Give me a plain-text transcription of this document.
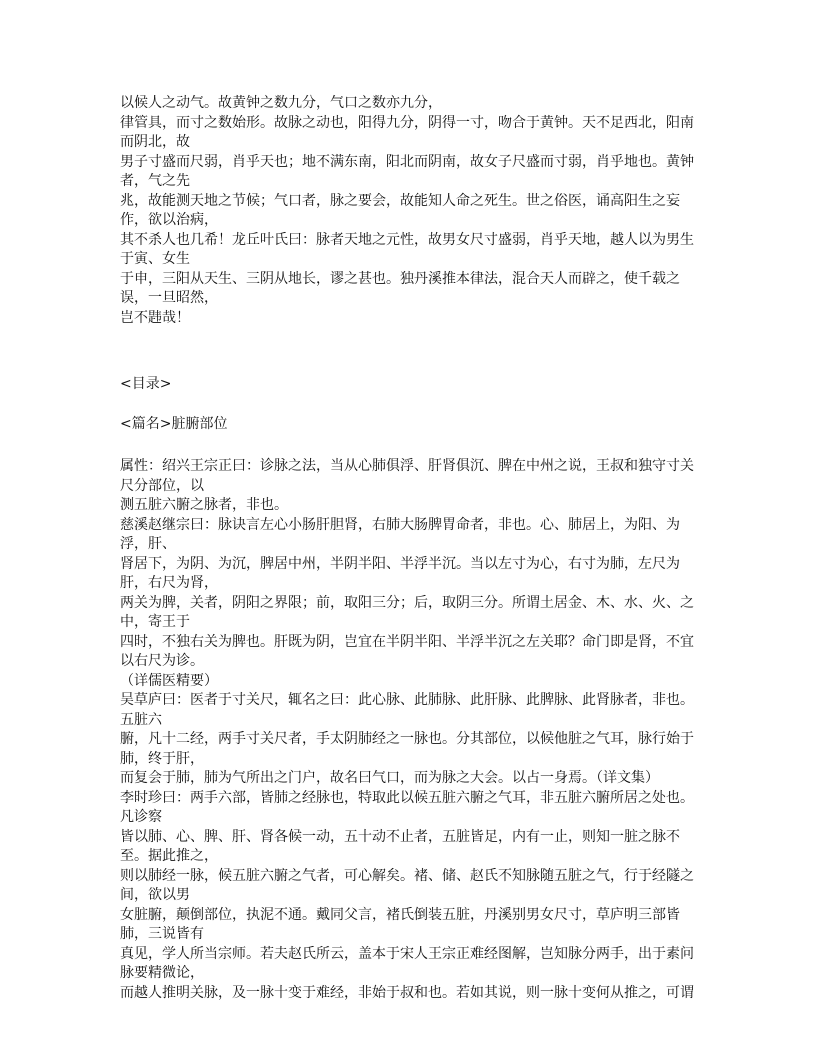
以候人之动气。故黄钟之数九分，气口之数亦九分，

律管具，而寸之数始形。故脉之动也，阳得九分，阴得一寸，吻合于黄钟。天不足西北，阳南而阴北，故

男子寸盛而尺弱，肖乎天也；地不满东南，阳北而阴南，故女子尺盛而寸弱，肖乎地也。黄钟者，气之先

兆，故能测天地之节候；气口者，脉之要会，故能知人命之死生。世之俗医，诵高阳生之妄作，欲以治病，

其不杀人也几希！龙丘叶氏曰：脉者天地之元性，故男女尺寸盛弱，肖乎天地，越人以为男生于寅、女生

于申，三阳从天生、三阴从地长，谬之甚也。独丹溪推本律法，混合天人而辟之，使千载之误，一旦昭然，

岂不韪哉！

<目录>

<篇名>脏腑部位

属性：绍兴王宗正曰：诊脉之法，当从心肺俱浮、肝肾俱沉、脾在中州之说，王叔和独守寸关尺分部位，以

测五脏六腑之脉者，非也。

慈溪赵继宗曰：脉诀言左心小肠肝胆肾，右肺大肠脾胃命者，非也。心、肺居上，为阳、为浮，肝、

肾居下，为阴、为沉，脾居中州，半阴半阳、半浮半沉。当以左寸为心，右寸为肺，左尺为肝，右尺为肾，

两关为脾，关者，阴阳之界限；前，取阳三分；后，取阴三分。所谓土居金、木、水、火、之中，寄王于

四时，不独右关为脾也。肝既为阴，岂宜在半阴半阳、半浮半沉之左关耶？命门即是肾，不宜以右尺为诊。

（详儒医精要）

吴草庐曰：医者于寸关尺，辄名之曰：此心脉、此肺脉、此肝脉、此脾脉、此肾脉者，非也。五脏六

腑，凡十二经，两手寸关尺者，手太阴肺经之一脉也。分其部位，以候他脏之气耳，脉行始于肺，终于肝，

而复会于肺，肺为气所出之门户，故名曰气口，而为脉之大会。以占一身焉。（详文集）

李时珍曰：两手六部，皆肺之经脉也，特取此以候五脏六腑之气耳，非五脏六腑所居之处也。凡诊察

皆以肺、心、脾、肝、肾各候一动，五十动不止者，五脏皆足，内有一止，则知一脏之脉不至。据此推之，

则以肺经一脉，候五脏六腑之气者，可心解矣。褚、储、赵氏不知脉随五脏之气，行于经隧之间，欲以男

女脏腑，颠倒部位，执泥不通。戴同父言，褚氏倒装五脏，丹溪别男女尺寸，草庐明三部皆肺，三说皆有

真见，学人所当宗师。若夫赵氏所云，盖本于宋人王宗正难经图解，岂知脉分两手，出于素问脉要精微论，

而越人推明关脉，及一脉十变于难经，非始于叔和也。若如其说，则一脉十变何从推之，可谓
